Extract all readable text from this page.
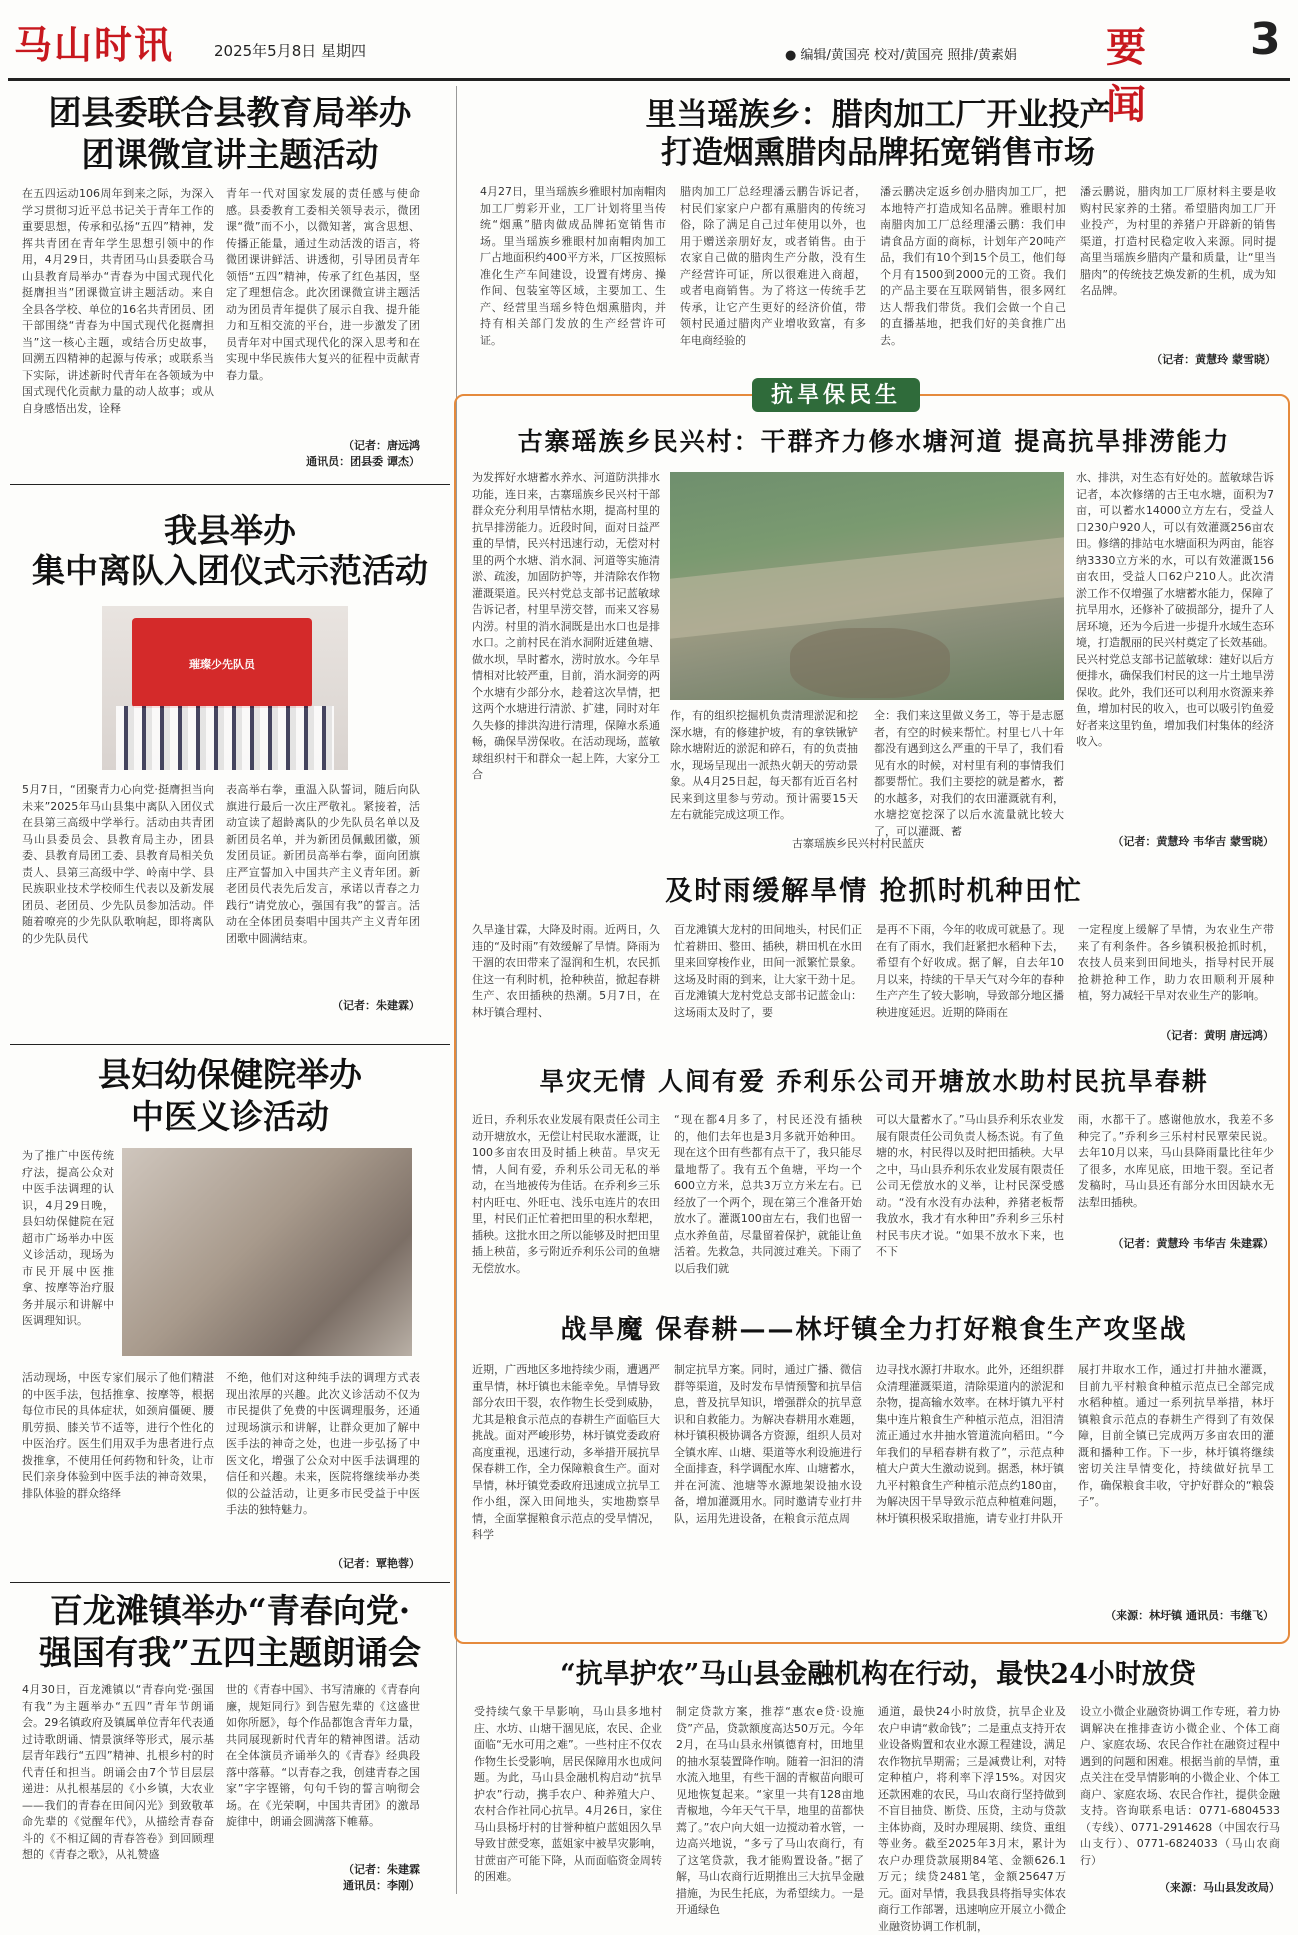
马山时讯	2025年5月8日 星期四	● 编辑/黄国亮 校对/黄国亮 照排/黄素娟	要 闻
3
团县委联合县教育局举办
团课微宣讲主题活动
在五四运动106周年到来之际，为深入学习贯彻习近平总书记关于青年工作的重要思想，传承和弘扬“五四”精神，发挥共青团在青年学生思想引领中的作用，4月29日，共青团马山县委联合马山县教育局举办“青春为中国式现代化挺膺担当”团课微宣讲主题活动。来自全县各学校、单位的16名共青团员、团干部围绕“青春为中国式现代化挺膺担当”这一核心主题，或结合历史故事，回溯五四精神的起源与传承；或联系当下实际，讲述新时代青年在各领域为中国式现代化贡献力量的动人故事；或从自身感悟出发，诠释
青年一代对国家发展的责任感与使命感。县委教育工委相关领导表示，微团课“微”而不小，以微知著，寓含思想、传播正能量，通过生动活泼的语言，将微团课讲鲜活、讲透彻，引导团员青年领悟“五四”精神，传承了红色基因，坚定了理想信念。此次团课微宣讲主题活动为团员青年提供了展示自我、提升能力和互相交流的平台，进一步激发了团员青年对中国式现代化的深入思考和在实现中华民族伟大复兴的征程中贡献青春力量。
（记者：唐远鸿
通讯员：团县委 谭杰）
我县举办
集中离队入团仪式示范活动
璀璨少先队员
5月7日，“团聚青力心向党·挺膺担当向未来”2025年马山县集中离队入团仪式在县第三高级中学举行。活动由共青团马山县委员会、县教育局主办，团县委、县教育局团工委、县教育局相关负责人、县第三高级中学、岭南中学、县民族职业技术学校师生代表以及新发展团员、老团员、少先队员参加活动。伴随着嘹亮的少先队队歌响起，即将离队的少先队员代
表高举右拳，重温入队誓词，随后向队旗进行最后一次庄严敬礼。紧接着，活动宣读了超龄离队的少先队员名单以及新团员名单，并为新团员佩戴团徽，颁发团员证。新团员高举右拳，面向团旗庄严宣誓加入中国共产主义青年团。新老团员代表先后发言，承诺以青春之力践行“请党放心，强国有我”的誓言。活动在全体团员奏唱中国共产主义青年团团歌中圆满结束。
（记者：朱建霖）
县妇幼保健院举办
中医义诊活动
为了推广中医传统疗法，提高公众对中医手法调理的认识，4月29日晚，县妇幼保健院在冠超市广场举办中医义诊活动，现场为市民开展中医推拿、按摩等治疗服务并展示和讲解中医调理知识。
活动现场，中医专家们展示了他们精湛的中医手法，包括推拿、按摩等，根据每位市民的具体症状，如颈肩僵硬、腰肌劳损、膝关节不适等，进行个性化的中医治疗。医生们用双手为患者进行点拨推拿，不使用任何药物和针灸，让市民们亲身体验到中医手法的神奇效果，排队体验的群众络绎
不绝，他们对这种纯手法的调理方式表现出浓厚的兴趣。此次义诊活动不仅为市民提供了免费的中医调理服务，还通过现场演示和讲解，让群众更加了解中医手法的神奇之处，也进一步弘扬了中医文化，增强了公众对中医手法调理的信任和兴趣。未来，医院将继续举办类似的公益活动，让更多市民受益于中医手法的独特魅力。
（记者：覃艳蓉）
百龙滩镇举办“青春向党·
强国有我”五四主题朗诵会
4月30日，百龙滩镇以“青春向党·强国有我”为主题举办“五四”青年节朗诵会。29名镇政府及镇属单位青年代表通过诗歌朗诵、情景演绎等形式，展示基层青年践行“五四”精神、扎根乡村的时代青任和担当。朗诵会由7个节目层层递进：从扎根基层的《小乡镇，大农业——我们的青春在田间闪光》到致敬革命先辈的《觉醒年代》，从描绘青春奋斗的《不相辽阔的青春答卷》到回顾理想的《青春之歌》，从礼赞盛
世的《青春中国》、书写清廉的《青春向廉，规矩同行》到告慰先辈的《这盛世如你所愿》，每个作品都饱含青年力量，共同展现新时代青年的精神图谱。活动在全体演员齐诵举久的《青春》经典段落中落幕。“以青春之我，创建青春之国家”字字铿锵，句句千钧的誓言响彻会场。在《光荣啊，中国共青团》的激昂旋律中，朗诵会圆满落下帷幕。
（记者：朱建霖
通讯员：李刚）
里当瑶族乡：腊肉加工厂开业投产
打造烟熏腊肉品牌拓宽销售市场
4月27日，里当瑶族乡雅眼村加南帽肉加工厂剪彩开业，工厂计划将里当传统“烟熏”腊肉做成品牌拓宽销售市场。里当瑶族乡雅眼村加南帽肉加工厂占地面积约400平方米，厂区按照标准化生产车间建设，设置有烤房、操作间、包装室等区域，主要加工、生产、经营里当瑶乡特色烟熏腊肉，并持有相关部门发放的生产经营许可证。
腊肉加工厂总经理潘云鹏告诉记者，村民们家家户户都有熏腊肉的传统习俗，除了满足自己过年使用以外，也用于赠送亲朋好友，或者销售。由于农家自己做的腊肉生产分散，没有生产经营许可证，所以很难进入商超，或者电商销售。为了将这一传统手艺传承，让它产生更好的经济价值，带领村民通过腊肉产业增收致富，有多年电商经验的
潘云鹏决定返乡创办腊肉加工厂，把本地特产打造成知名品牌。雅眼村加南腊肉加工厂总经理潘云鹏：我们申请食品方面的商标，计划年产20吨产品，我们有10个到15个员工，他们每个月有1500到2000元的工资。我们的产品主要在互联网销售，很多网红达人帮我们带货。我们会做一个自己的直播基地，把我们好的美食推广出去。
潘云鹏说，腊肉加工厂原材料主要是收购村民家养的土猪。希望腊肉加工厂开业投产，为村里的养猪户开辟新的销售渠道，打造村民稳定收入来源。同时提高里当瑶族乡腊肉产量和质量，让“里当腊肉”的传统技艺焕发新的生机，成为知名品牌。
（记者：黄慧玲 蒙雪晓）
抗旱保民生
古寨瑶族乡民兴村：干群齐力修水塘河道 提高抗旱排涝能力
为发挥好水塘蓄水养水、河道防洪排水功能，连日来，古寨瑶族乡民兴村干部群众充分利用旱情枯水期，提高村里的抗旱排涝能力。近段时间，面对日益严重的旱情，民兴村迅速行动，无偿对村里的两个水塘、消水洞、河道等实施清淤、疏浚，加固防护等，并清除农作物灌溉渠道。民兴村党总支部书记蓝敏球告诉记者，村里旱涝交替，而来又容易内涝。村里的消水洞既是出水口也是排水口。之前村民在消水洞附近建鱼塘、做水坝，旱时蓄水，涝时放水。今年旱情相对比较严重，目前，消水洞旁的两个水塘有少部分水，趁着这次旱情，把这两个水塘进行清淤、扩建，同时对年久失修的排洪沟进行清理，保障水系通畅，确保旱涝保收。在活动现场，蓝敏球组织村干和群众一起上阵，大家分工合
作，有的组织挖掘机负责清理淤泥和挖深水塘，有的修建护坡，有的拿铁锹铲除水塘附近的淤泥和碎石，有的负责抽水，现场呈现出一派热火朝天的劳动景象。从4月25日起，每天都有近百名村民来到这里参与劳动。预计需要15天左右就能完成这项工作。
全：我们来这里做义务工，等于是志愿者，有空的时候来帮忙。村里七八十年都没有遇到这么严重的干旱了，我们看见有水的时候，对村里有利的事情我们都要帮忙。我们主要挖的就是蓄水，蓄的水越多，对我们的农田灌溉就有利，水塘挖宽挖深了以后水流量就比较大了，可以灌溉、蓄
古寨瑶族乡民兴村村民蓝庆
水、排洪，对生态有好处的。蓝敏球告诉记者，本次修缮的古王屯水塘，面积为7亩，可以蓄水14000立方左右，受益人口230户920人，可以有效灌溉256亩农田。修缮的排站屯水塘面积为两亩，能容纳3330立方米的水，可以有效灌溉156亩农田，受益人口62户210人。此次清淤工作不仅增强了水塘蓄水能力，保障了抗旱用水，还修补了破损部分，提升了人居环境，还为今后进一步提升水域生态环境，打造靓丽的民兴村奠定了长效基础。民兴村党总支部书记蓝敏球：建好以后方便排水，确保我们村民的这一片土地旱涝保收。此外，我们还可以利用水资源来养鱼，增加村民的收入，也可以吸引钓鱼爱好者来这里钓鱼，增加我们村集体的经济收入。
（记者：黄慧玲 韦华吉 蒙雪晓）
及时雨缓解旱情 抢抓时机种田忙
久旱逢甘霖，大降及时雨。近两日，久违的“及时雨”有效缓解了旱情。降雨为干涸的农田带来了湿润和生机，农民抓住这一有利时机，抢种秧苗，掀起春耕生产、农田插秧的热潮。5月7日，在林圩镇合理村、
百龙滩镇大龙村的田间地头，村民们正忙着耕田、整田、插秧，耕田机在水田里来回穿梭作业，田间一派繁忙景象。这场及时雨的到来，让大家干劲十足。百龙滩镇大龙村党总支部书记蓝金山：这场雨太及时了，要
是再不下雨，今年的收成可就悬了。现在有了雨水，我们赶紧把水稻种下去，希望有个好收成。据了解，自去年10月以来，持续的干旱天气对今年的春种生产产生了较大影响，导致部分地区播秧进度延迟。近期的降雨在
一定程度上缓解了旱情，为农业生产带来了有利条件。各乡镇积极抢抓时机，农技人员来到田间地头，指导村民开展抢耕抢种工作，助力农田顺利开展种植，努力减轻干旱对农业生产的影响。
（记者：黄明 唐远鸿）
旱灾无情 人间有爱 乔利乐公司开塘放水助村民抗旱春耕
近日，乔利乐农业发展有限责任公司主动开塘放水，无偿让村民取水灌溉，让100多亩农田及时插上秧苗。旱灾无情，人间有爱，乔利乐公司无私的举动，在当地被传为佳话。在乔利乡三乐村内旺屯、外旺屯、浅乐屯连片的农田里，村民们正忙着把田里的积水犁耙，插秧。这批水田之所以能够及时把田里插上秧苗，多亏附近乔利乐公司的鱼塘无偿放水。
“现在都4月多了，村民还没有插秧的，他们去年也是3月多就开始种田。现在这个田有些都有点干了，我只能尽量地帮了。我有五个鱼塘，平均一个600立方米，总共3万立方米左右。已经放了一个两个，现在第三个准备开始放水了。灌溉100亩左右，我们也留一点水养鱼苗，尽量留着保护，就能让鱼活着。先救急，共同渡过难关。下雨了以后我们就
可以大量蓄水了。”马山县乔利乐农业发展有限责任公司负责人杨杰说。有了鱼塘的水，村民得以及时把田插秧。大早之中，马山县乔利乐农业发展有限责任公司无偿放水的义举，让村民深受感动。“没有水没有办法种，养猪老板帮我放水，我才有水种田”乔利乡三乐村村民韦庆才说。“如果不放水下来，也不下
雨，水都干了。感谢他放水，我差不多种完了。”乔利乡三乐村村民覃荣民说。去年10月以来，马山县降雨量比往年少了很多，水库见底，田地干裂。至记者发稿时，马山县还有部分水田因缺水无法犁田插秧。
（记者：黄慧玲 韦华吉 朱建霖）
战旱魔 保春耕——林圩镇全力打好粮食生产攻坚战
近期，广西地区多地持续少雨，遭遇严重旱情，林圩镇也未能幸免。旱情导致部分农田干裂，农作物生长受到威胁，尤其是粮食示范点的春耕生产面临巨大挑战。面对严峻形势，林圩镇党委政府高度重视，迅速行动，多举措开展抗旱保春耕工作，全力保障粮食生产。面对旱情，林圩镇党委政府迅速成立抗旱工作小组，深入田间地头，实地勘察旱情，全面掌握粮食示范点的受旱情况，科学
制定抗旱方案。同时，通过广播、微信群等渠道，及时发布旱情预警和抗旱信息，普及抗旱知识，增强群众的抗旱意识和自救能力。为解决春耕用水难题，林圩镇积极协调各方资源，组织人员对全镇水库、山塘、渠道等水利设施进行全面排查，科学调配水库、山塘蓄水，并在河流、池塘等水源地架设抽水设备，增加灌溉用水。同时邀请专业打井队，运用先进设备，在粮食示范点周
边寻找水源打井取水。此外，还组织群众清理灌溉渠道，清除渠道内的淤泥和杂物，提高输水效率。在林圩镇九平村集中连片粮食生产种植示范点，泪泪清流正通过水井抽水管道流向稻田。“今年我们的早稻春耕有救了”，示范点种植大户黄大生激动说到。据悉，林圩镇九平村粮食生产种植示范点约180亩，为解决因干旱导致示范点种植难问题，林圩镇积极采取措施，请专业打井队开
展打井取水工作，通过打井抽水灌溉，目前九平村粮食种植示范点已全部完成水稻种植。通过一系列抗旱举措，林圩镇粮食示范点的春耕生产得到了有效保障，目前全镇已完成两万多亩农田的灌溉和播种工作。下一步，林圩镇将继续密切关注旱情变化，持续做好抗旱工作，确保粮食丰收，守护好群众的“粮袋子”。
（来源：林圩镇 通讯员：韦继飞）
“抗旱护农”马山县金融机构在行动，最快24小时放贷
受持续气象干旱影响，马山县多地村庄、水坊、山塘干涸见底，农民、企业面临“无水可用之难”。一些村庄不仅农作物生长受影响，居民保障用水也成问题。为此，马山县金融机构启动“抗旱护农”行动，携手农户、种养殖大户、农村合作社同心抗旱。4月26日，家住马山县杨圩村的甘誉种植户蓝姐因久旱导致甘蔗受寒，蓝姐家中被旱灾影响，甘蔗亩产可能下降，从而面临资金周转的困难。
制定贷款方案，推荐“惠农e贷·设施贷”产品，贷款额度高达50万元。今年2月，在马山县永州镇德育村，田地里的抽水泵装置降作响。随着一汩汩的清水流入地里，有些干涸的青椒苗向眼可见地恢复起来。“家里一共有128亩地青椒地，今年天气干旱，地里的苗都快蔫了。”农户向大姐一边搅动着水管，一边高兴地说，“多亏了马山农商行，有了这笔贷款，我才能购置设备。”据了解，马山农商行近期推出三大抗旱金融措施，为民生托底，为希望续力。一是开通绿色
通道，最快24小时放贷，抗旱企业及农户申请“救命钱”；二是重点支持开农业设备购置和农业水源工程建设，满足农作物抗旱期需；三是减费让利，对特定种植户，将利率下浮15%。对因灾还款困难的农民，马山农商行坚持做到不盲目抽贷、断贷、压贷，主动与贷款主体协商，及时办理展期、续贷、重组等业务。截至2025年3月末，累计为农户办理贷款展期84笔、金额626.1万元；续贷2481笔，金额25647万元。面对旱情，我县我县将指导实体农商行工作部署，迅速响应开展立小微企业融资协调工作机制，
设立小微企业融资协调工作专班，着力协调解决在推排查访小微企业、个体工商户、家庭农场、农民合作社在融资过程中遇到的问题和困难。根据当前的旱情，重点关注在受旱情影响的小微企业、个体工商户、家庭农场、农民合作社，提供金融支持。咨询联系电话：0771-6804533（专线）、0771-2914628（中国农行马山支行）、0771-6824033（马山农商行）
（来源：马山县发改局）
